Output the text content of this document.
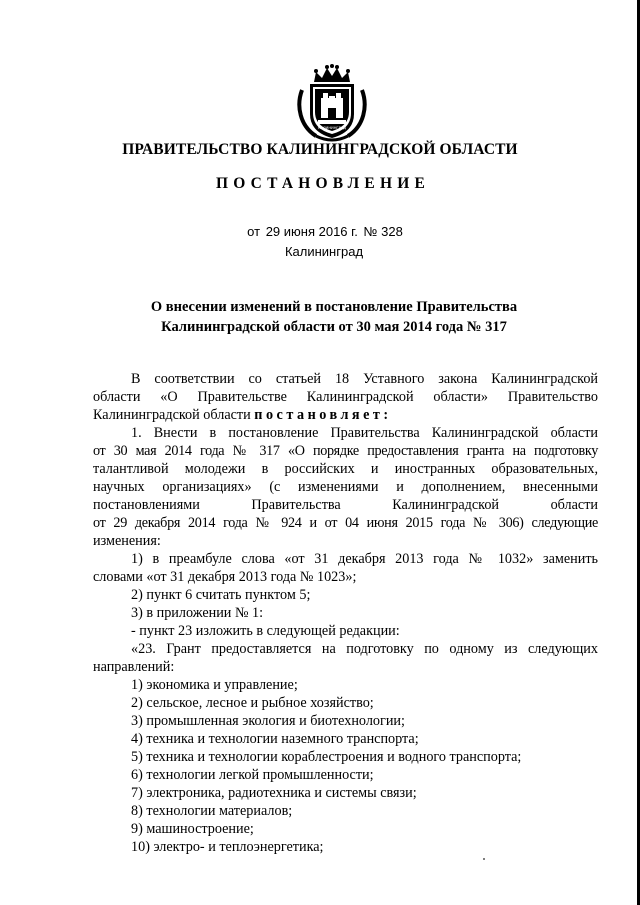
КАЛИНИНГРАД
ПРАВИТЕЛЬСТВО КАЛИНИНГРАДСКОЙ ОБЛАСТИ
ПОСТАНОВЛЕНИЕ
от 29 июня 2016 г. № 328
Калининград
О внесении изменений в постановление Правительства
Калининградской области от 30 мая 2014 года № 317
В соответствии со статьей 18 Уставного закона Калининградской
области «О Правительстве Калининградской области» Правительство
Калининградской области постановляет:
1. Внести в постановление Правительства Калининградской области
от 30 мая 2014 года № 317 «О порядке предоставления гранта на подготовку
талантливой молодежи в российских и иностранных образовательных,
научных организациях» (с изменениями и дополнением, внесенными
постановлениями Правительства Калининградской области
от 29 декабря 2014 года № 924 и от 04 июня 2015 года № 306) следующие
изменения:
1) в преамбуле слова «от 31 декабря 2013 года № 1032» заменить
словами «от 31 декабря 2013 года № 1023»;
2) пункт 6 считать пунктом 5;
3) в приложении № 1:
- пункт 23 изложить в следующей редакции:
«23. Грант предоставляется на подготовку по одному из следующих
направлений:
1) экономика и управление;
2) сельское, лесное и рыбное хозяйство;
3) промышленная экология и биотехнологии;
4) техника и технологии наземного транспорта;
5) техника и технологии кораблестроения и водного транспорта;
6) технологии легкой промышленности;
7) электроника, радиотехника и системы связи;
8) технологии материалов;
9) машиностроение;
10) электро- и теплоэнергетика;
